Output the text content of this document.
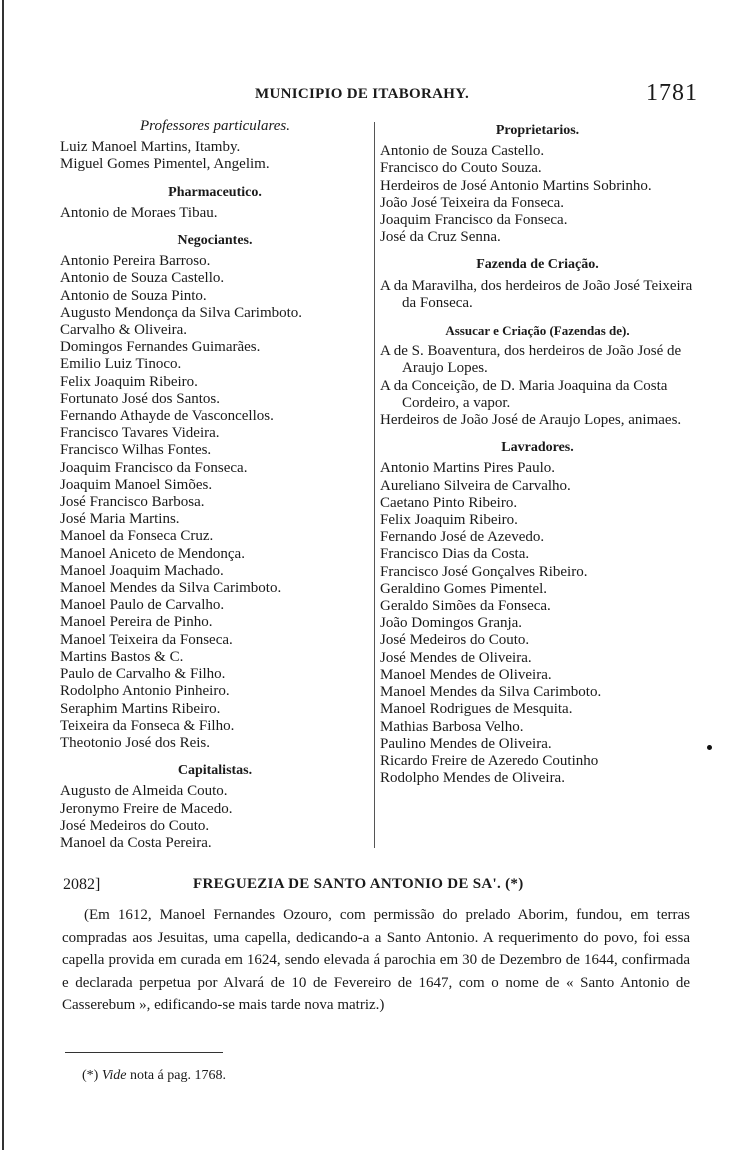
MUNICIPIO DE ITABORAHY.	1781
Professores particulares.
Luiz Manoel Martins, Itamby.
Miguel Gomes Pimentel, Angelim.
Pharmaceutico.
Antonio de Moraes Tibau.
Negociantes.
Antonio Pereira Barroso.
Antonio de Souza Castello.
Antonio de Souza Pinto.
Augusto Mendonça da Silva Carimboto.
Carvalho & Oliveira.
Domingos Fernandes Guimarães.
Emilio Luiz Tinoco.
Felix Joaquim Ribeiro.
Fortunato José dos Santos.
Fernando Athayde de Vasconcellos.
Francisco Tavares Videira.
Francisco Wilhas Fontes.
Joaquim Francisco da Fonseca.
Joaquim Manoel Simões.
José Francisco Barbosa.
José Maria Martins.
Manoel da Fonseca Cruz.
Manoel Aniceto de Mendonça.
Manoel Joaquim Machado.
Manoel Mendes da Silva Carimboto.
Manoel Paulo de Carvalho.
Manoel Pereira de Pinho.
Manoel Teixeira da Fonseca.
Martins Bastos & C.
Paulo de Carvalho & Filho.
Rodolpho Antonio Pinheiro.
Seraphim Martins Ribeiro.
Teixeira da Fonseca & Filho.
Theotonio José dos Reis.
Capitalistas.
Augusto de Almeida Couto.
Jeronymo Freire de Macedo.
José Medeiros do Couto.
Manoel da Costa Pereira.
Proprietarios.
Antonio de Souza Castello.
Francisco do Couto Souza.
Herdeiros de José Antonio Martins Sobrinho.
João José Teixeira da Fonseca.
Joaquim Francisco da Fonseca.
José da Cruz Senna.
Fazenda de Criação.
A da Maravilha, dos herdeiros de João José Teixeira da Fonseca.
Assucar e Criação (Fazendas de).
A de S. Boaventura, dos herdeiros de João José de Araujo Lopes.
A da Conceição, de D. Maria Joaquina da Costa Cordeiro, a vapor.
Herdeiros de João José de Araujo Lopes, animaes.
Lavradores.
Antonio Martins Pires Paulo.
Aureliano Silveira de Carvalho.
Caetano Pinto Ribeiro.
Felix Joaquim Ribeiro.
Fernando José de Azevedo.
Francisco Dias da Costa.
Francisco José Gonçalves Ribeiro.
Geraldino Gomes Pimentel.
Geraldo Simões da Fonseca.
João Domingos Granja.
José Medeiros do Couto.
José Mendes de Oliveira.
Manoel Mendes de Oliveira.
Manoel Mendes da Silva Carimboto.
Manoel Rodrigues de Mesquita.
Mathias Barbosa Velho.
Paulino Mendes de Oliveira.
Ricardo Freire de Azeredo Coutinho
Rodolpho Mendes de Oliveira.
2082]	FREGUEZIA DE SANTO ANTONIO DE SA'. (*)
(Em 1612, Manoel Fernandes Ozouro, com permissão do prelado Aborim, fundou, em terras compradas aos Jesuitas, uma capella, dedicando-a a Santo Antonio. A requerimento do povo, foi essa capella provida em curada em 1624, sendo elevada á parochia em 30 de Dezembro de 1644, confirmada e declarada perpetua por Alvará de 10 de Fevereiro de 1647, com o nome de « Santo Antonio de Casserebum », edificando-se mais tarde nova matriz.)
(*) Vide nota á pag. 1768.
